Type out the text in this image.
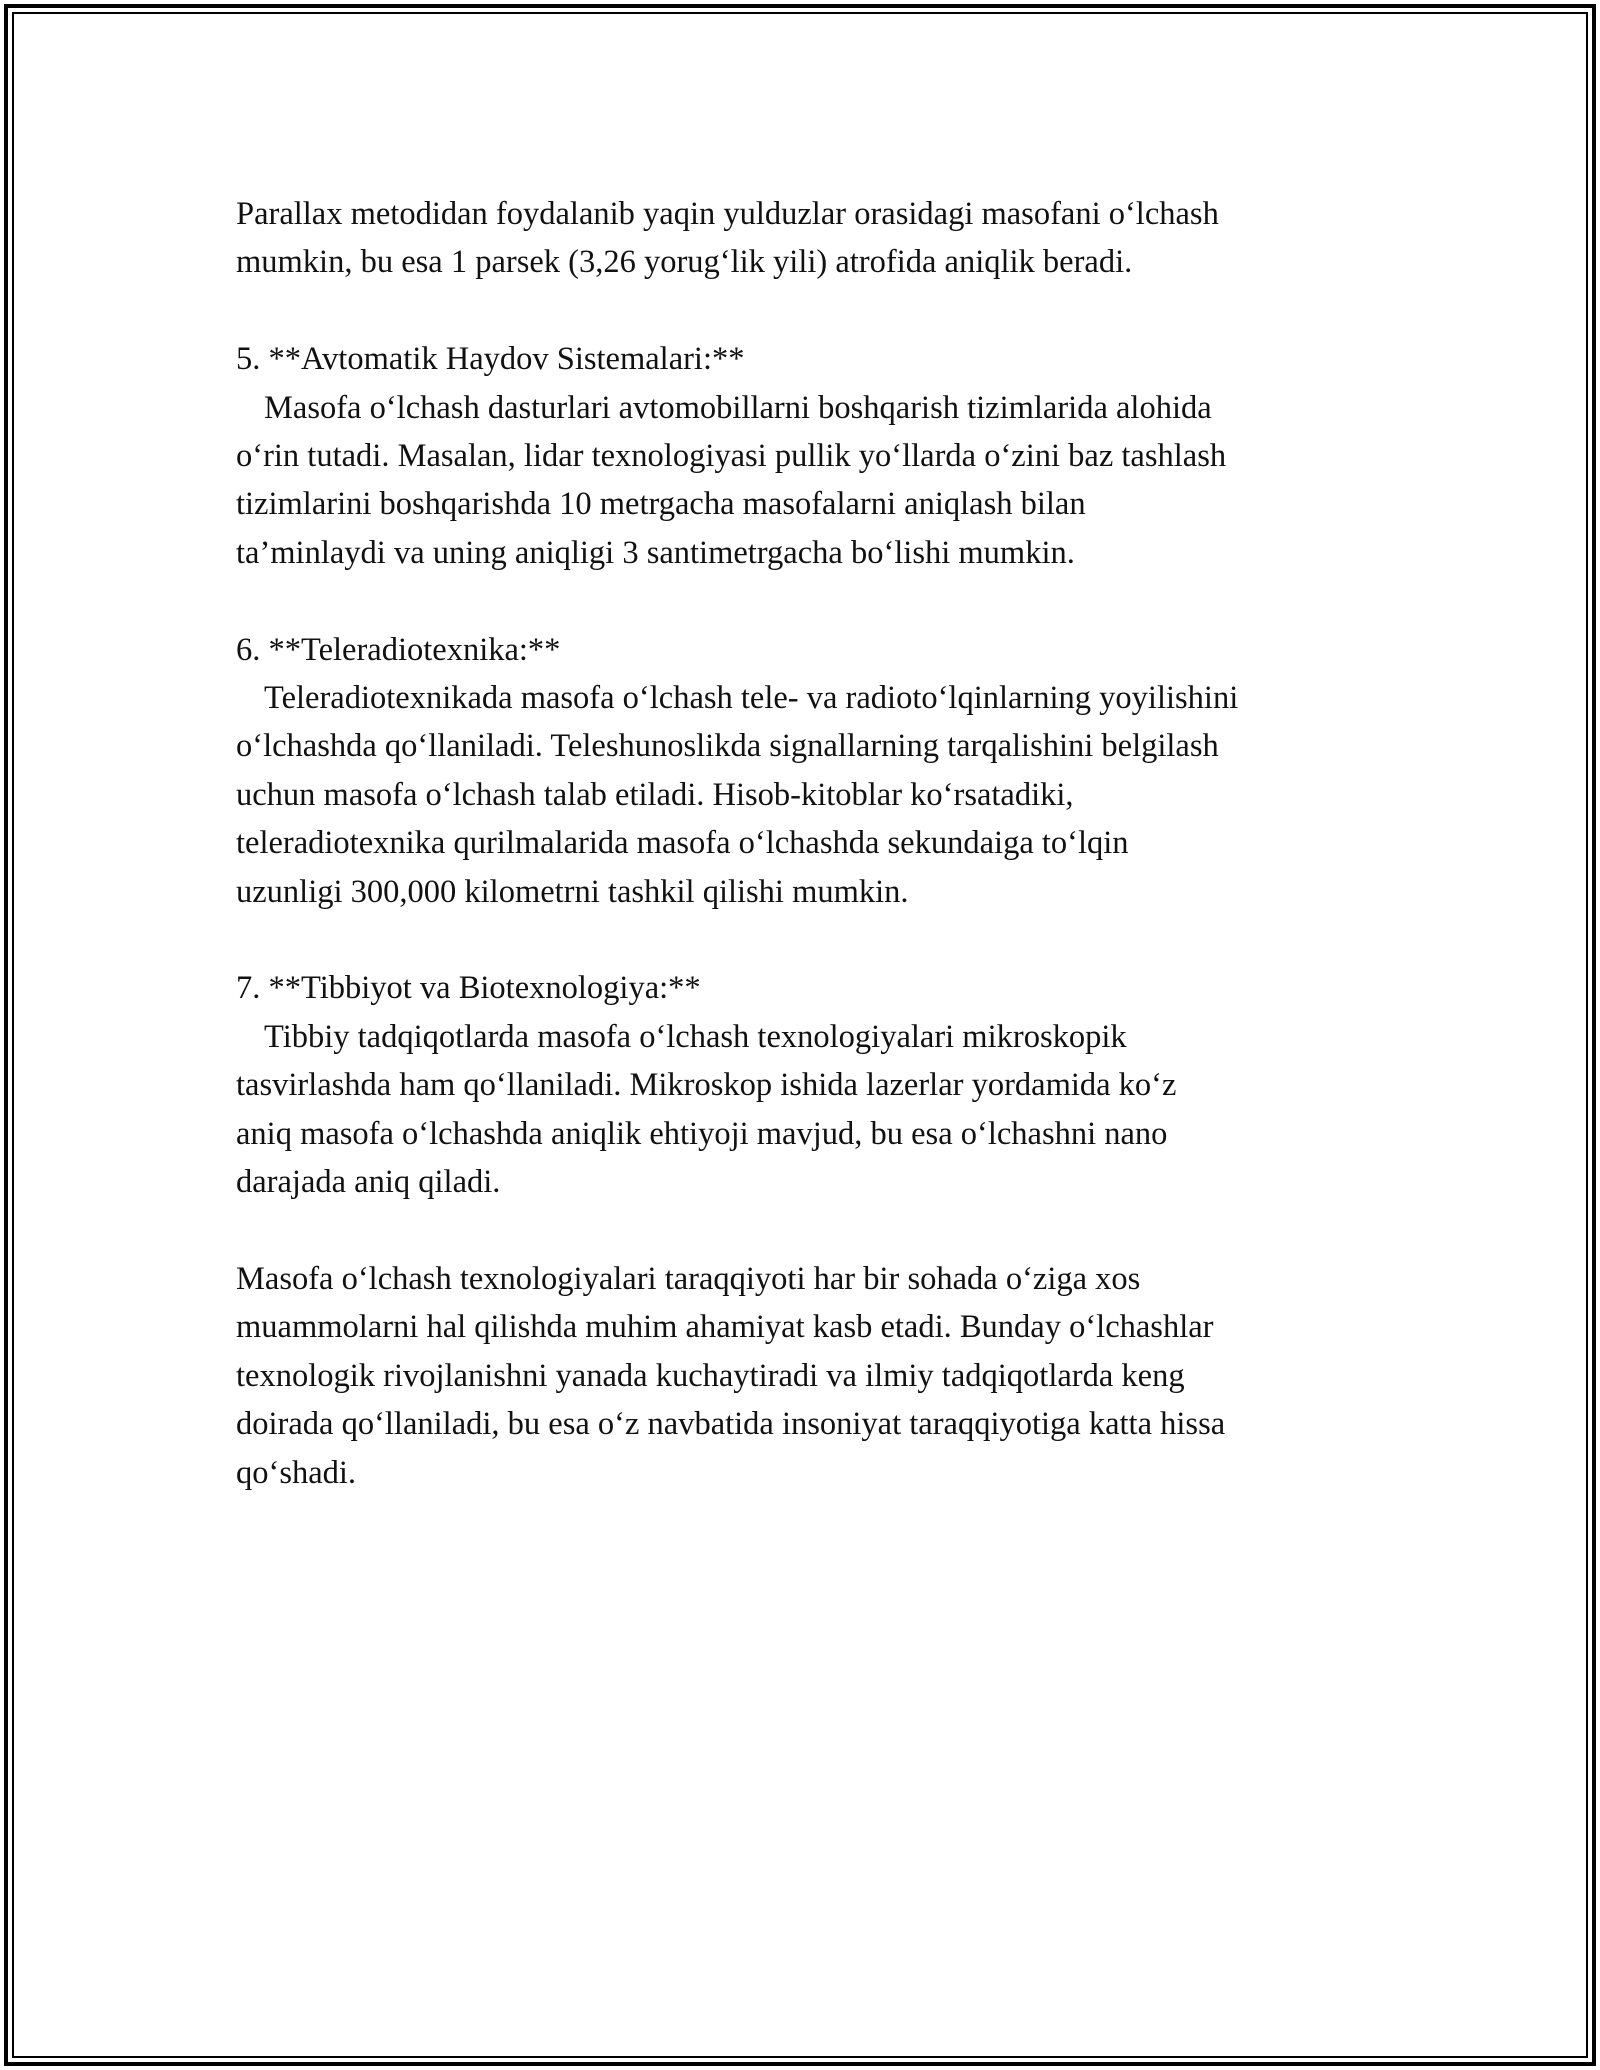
Parallax metodidan foydalanib yaqin yulduzlar orasidagi masofani o‘lchash
mumkin, bu esa 1 parsek (3,26 yorug‘lik yili) atrofida aniqlik beradi.
5. **Avtomatik Haydov Sistemalari:**
Masofa o‘lchash dasturlari avtomobillarni boshqarish tizimlarida alohida
o‘rin tutadi. Masalan, lidar texnologiyasi pullik yo‘llarda o‘zini baz tashlash
tizimlarini boshqarishda 10 metrgacha masofalarni aniqlash bilan
ta’minlaydi va uning aniqligi 3 santimetrgacha bo‘lishi mumkin.
6. **Teleradiotexnika:**
Teleradiotexnikada masofa o‘lchash tele- va radioto‘lqinlarning yoyilishini
o‘lchashda qo‘llaniladi. Teleshunoslikda signallarning tarqalishini belgilash
uchun masofa o‘lchash talab etiladi. Hisob-kitoblar ko‘rsatadiki,
teleradiotexnika qurilmalarida masofa o‘lchashda sekundaiga to‘lqin
uzunligi 300,000 kilometrni tashkil qilishi mumkin.
7. **Tibbiyot va Biotexnologiya:**
Tibbiy tadqiqotlarda masofa o‘lchash texnologiyalari mikroskopik
tasvirlashda ham qo‘llaniladi. Mikroskop ishida lazerlar yordamida ko‘z
aniq masofa o‘lchashda aniqlik ehtiyoji mavjud, bu esa o‘lchashni nano
darajada aniq qiladi.
Masofa o‘lchash texnologiyalari taraqqiyoti har bir sohada o‘ziga xos
muammolarni hal qilishda muhim ahamiyat kasb etadi. Bunday o‘lchashlar
texnologik rivojlanishni yanada kuchaytiradi va ilmiy tadqiqotlarda keng
doirada qo‘llaniladi, bu esa o‘z navbatida insoniyat taraqqiyotiga katta hissa
qo‘shadi.
